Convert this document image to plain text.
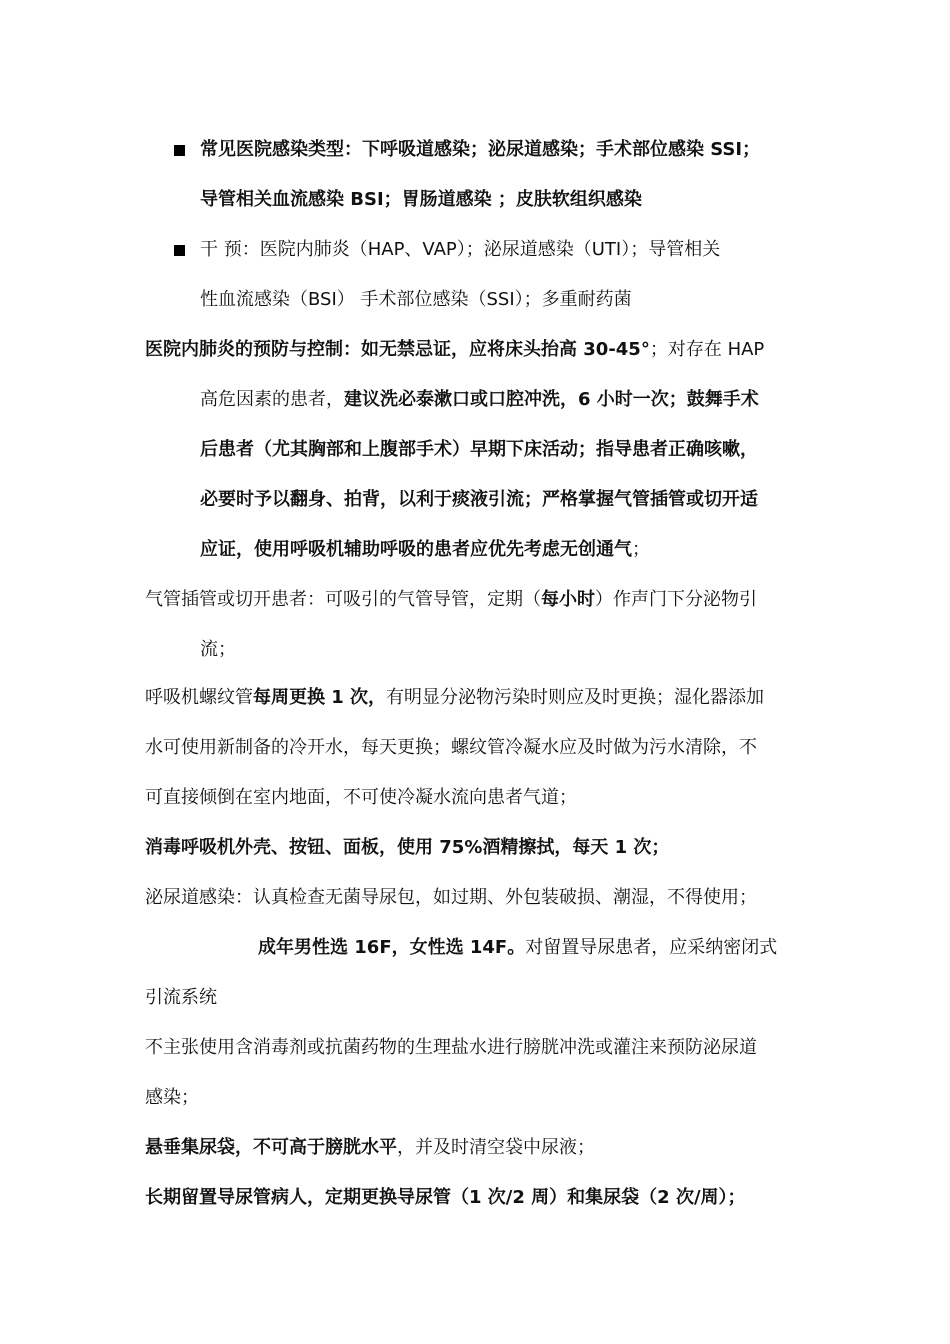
常见医院感染类型：下呼吸道感染；泌尿道感染；手术部位感染 SSI；
导管相关血流感染 BSI；胃肠道感染 ；皮肤软组织感染
干 预：医院内肺炎（HAP、VAP）；泌尿道感染（UTI）；导管相关
性血流感染（BSI） 手术部位感染（SSI）；多重耐药菌
医院内肺炎的预防与控制：如无禁忌证，应将床头抬高 30-45°；对存在 HAP
高危因素的患者，建议洗必泰漱口或口腔冲洗，6 小时一次；鼓舞手术
后患者（尤其胸部和上腹部手术）早期下床活动；指导患者正确咳嗽，
必要时予以翻身、拍背，以利于痰液引流；严格掌握气管插管或切开适
应证，使用呼吸机辅助呼吸的患者应优先考虑无创通气；
气管插管或切开患者：可吸引的气管导管，定期（每小时）作声门下分泌物引
流；
呼吸机螺纹管每周更换 1 次，有明显分泌物污染时则应及时更换；湿化器添加
水可使用新制备的冷开水，每天更换；螺纹管冷凝水应及时做为污水清除，不
可直接倾倒在室内地面，不可使冷凝水流向患者气道；
消毒呼吸机外壳、按钮、面板，使用 75%酒精擦拭，每天 1 次；
泌尿道感染：认真检查无菌导尿包，如过期、外包装破损、潮湿，不得使用；
成年男性选 16F，女性选 14F。对留置导尿患者，应采纳密闭式
引流系统
不主张使用含消毒剂或抗菌药物的生理盐水进行膀胱冲洗或灌注来预防泌尿道
感染；
悬垂集尿袋，不可高于膀胱水平，并及时清空袋中尿液；
长期留置导尿管病人，定期更换导尿管（1 次/2 周）和集尿袋（2 次/周）；
